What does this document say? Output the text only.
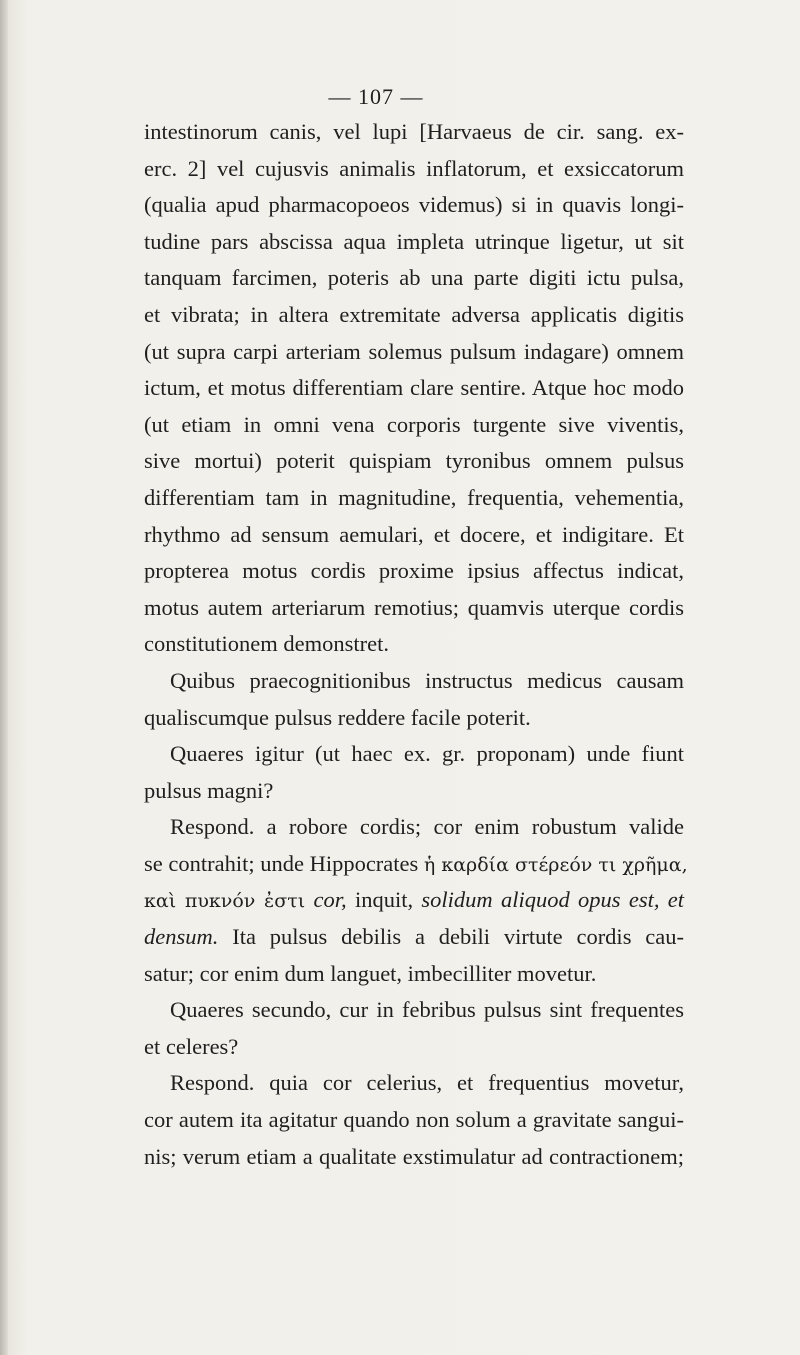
— 107 —
intestinorum canis, vel lupi [Harvaeus de cir. sang. ex-
erc. 2] vel cujusvis animalis inflatorum, et exsiccatorum
(qualia apud pharmacopoeos videmus) si in quavis longi-
tudine pars abscissa aqua impleta utrinque ligetur, ut sit
tanquam farcimen, poteris ab una parte digiti ictu pulsa,
et vibrata; in altera extremitate adversa applicatis digitis
(ut supra carpi arteriam solemus pulsum indagare) omnem
ictum, et motus differentiam clare sentire. Atque hoc modo
(ut etiam in omni vena corporis turgente sive viventis,
sive mortui) poterit quispiam tyronibus omnem pulsus
differentiam tam in magnitudine, frequentia, vehementia,
rhythmo ad sensum aemulari, et docere, et indigitare. Et
propterea motus cordis proxime ipsius affectus indicat,
motus autem arteriarum remotius; quamvis uterque cordis
constitutionem demonstret.
Quibus praecognitionibus instructus medicus causam
qualiscumque pulsus reddere facile poterit.
Quaeres igitur (ut haec ex. gr. proponam) unde fiunt
pulsus magni?
Respond. a robore cordis; cor enim robustum valide
se contrahit; unde Hippocrates ἡ καρδία στέρεόν τι χρῆμα,
καὶ πυκνόν ἐστι cor, inquit, solidum aliquod opus est, et
densum. Ita pulsus debilis a debili virtute cordis cau-
satur; cor enim dum languet, imbecilliter movetur.
Quaeres secundo, cur in febribus pulsus sint frequentes
et celeres?
Respond. quia cor celerius, et frequentius movetur,
cor autem ita agitatur quando non solum a gravitate sangui-
nis; verum etiam a qualitate exstimulatur ad contractionem;
